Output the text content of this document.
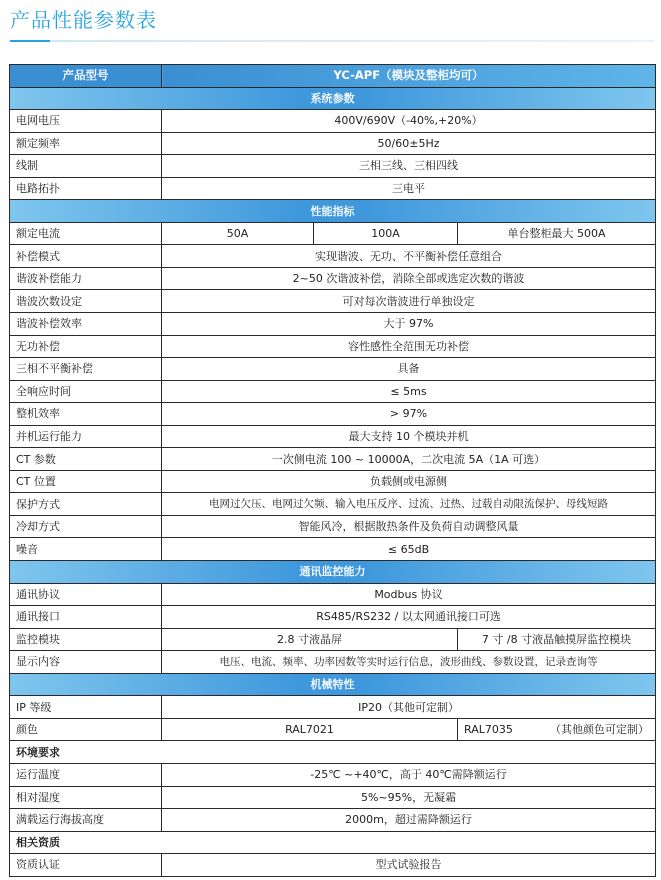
产品性能参数表
产品型号	YC-APF（模块及整柜均可）		
系统参数			
电网电压	400V/690V（-40%,+20%）		
额定频率	50/60±5Hz		
线制	三相三线、三相四线		
电路拓扑	三电平		
性能指标			
额定电流	50A	100A	单台整柜最大 500A
补偿模式	实现谐波、无功、不平衡补偿任意组合		
谐波补偿能力	2~50 次谐波补偿，消除全部或选定次数的谐波		
谐波次数设定	可对每次谐波进行单独设定		
谐波补偿效率	大于 97%		
无功补偿	容性感性全范围无功补偿		
三相不平衡补偿	具备		
全响应时间	≤ 5ms		
整机效率	> 97%		
并机运行能力	最大支持 10 个模块并机		
CT 参数	一次侧电流 100 ~ 10000A，二次电流 5A（1A 可选）		
CT 位置	负载侧或电源侧		
保护方式	电网过欠压、电网过欠频、输入电压反序、过流、过热、过载自动限流保护、母线短路		
冷却方式	智能风冷，根据散热条件及负荷自动调整风量		
噪音	≤ 65dB		
通讯监控能力			
通讯协议	Modbus 协议		
通讯接口	RS485/RS232 / 以太网通讯接口可选		
监控模块	2.8 寸液晶屏		7 寸 /8 寸液晶触摸屏监控模块
显示内容	电压、电流、频率、功率因数等实时运行信息，波形曲线、参数设置，记录查询等		
机械特性			
IP 等级	IP20（其他可定制）		
颜色	RAL7021		RAL7035 （其他颜色可定制）

环境要求			
运行温度	-25℃ ~+40℃，高于 40℃需降额运行		
相对湿度	5%~95%，无凝霜		
满载运行海拔高度	2000m，超过需降额运行		
相关资质			
资质认证	型式试验报告		
